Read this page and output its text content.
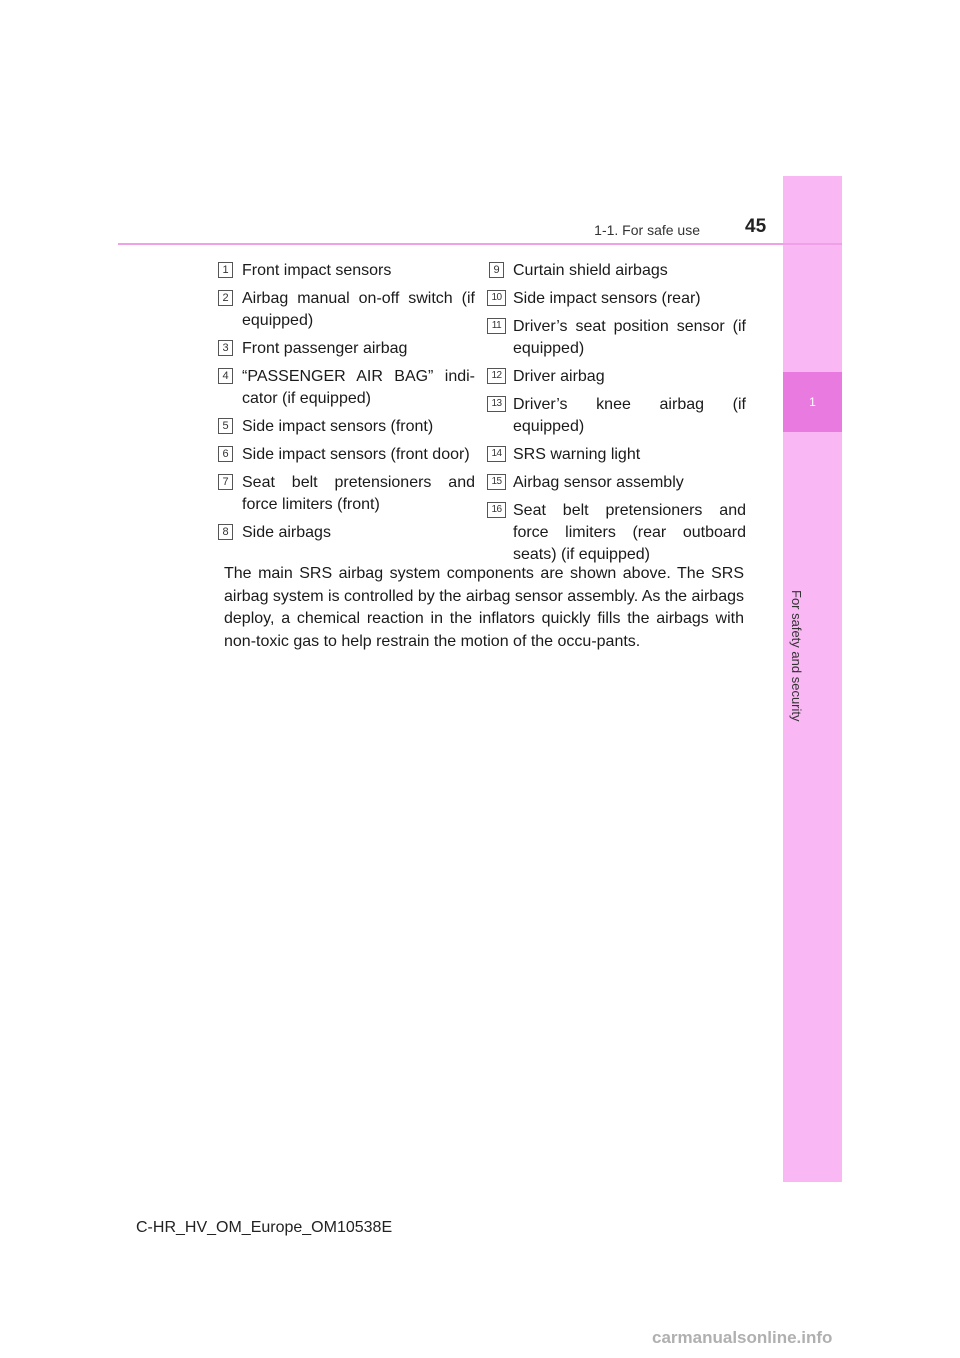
1
For safety and security
1-1. For safe use 45
1 Front impact sensors
2 Airbag manual on-off switch (if equipped)
3 Front passenger airbag
4 “PASSENGER AIR BAG” indi-cator (if equipped)
5 Side impact sensors (front)
6 Side impact sensors (front door)
7 Seat belt pretensioners and force limiters (front)
8 Side airbags
9 Curtain shield airbags
10 Side impact sensors (rear)
11 Driver’s seat position sensor (if equipped)
12 Driver airbag
13 Driver’s knee airbag (if equipped)
14 SRS warning light
15 Airbag sensor assembly
16 Seat belt pretensioners and force limiters (rear outboard seats) (if equipped)
The main SRS airbag system components are shown above. The SRS airbag system is controlled by the airbag sensor assembly. As the airbags deploy, a chemical reaction in the inflators quickly fills the airbags with non-toxic gas to help restrain the motion of the occu-pants.
C-HR_HV_OM_Europe_OM10538E
carmanualsonline.info
